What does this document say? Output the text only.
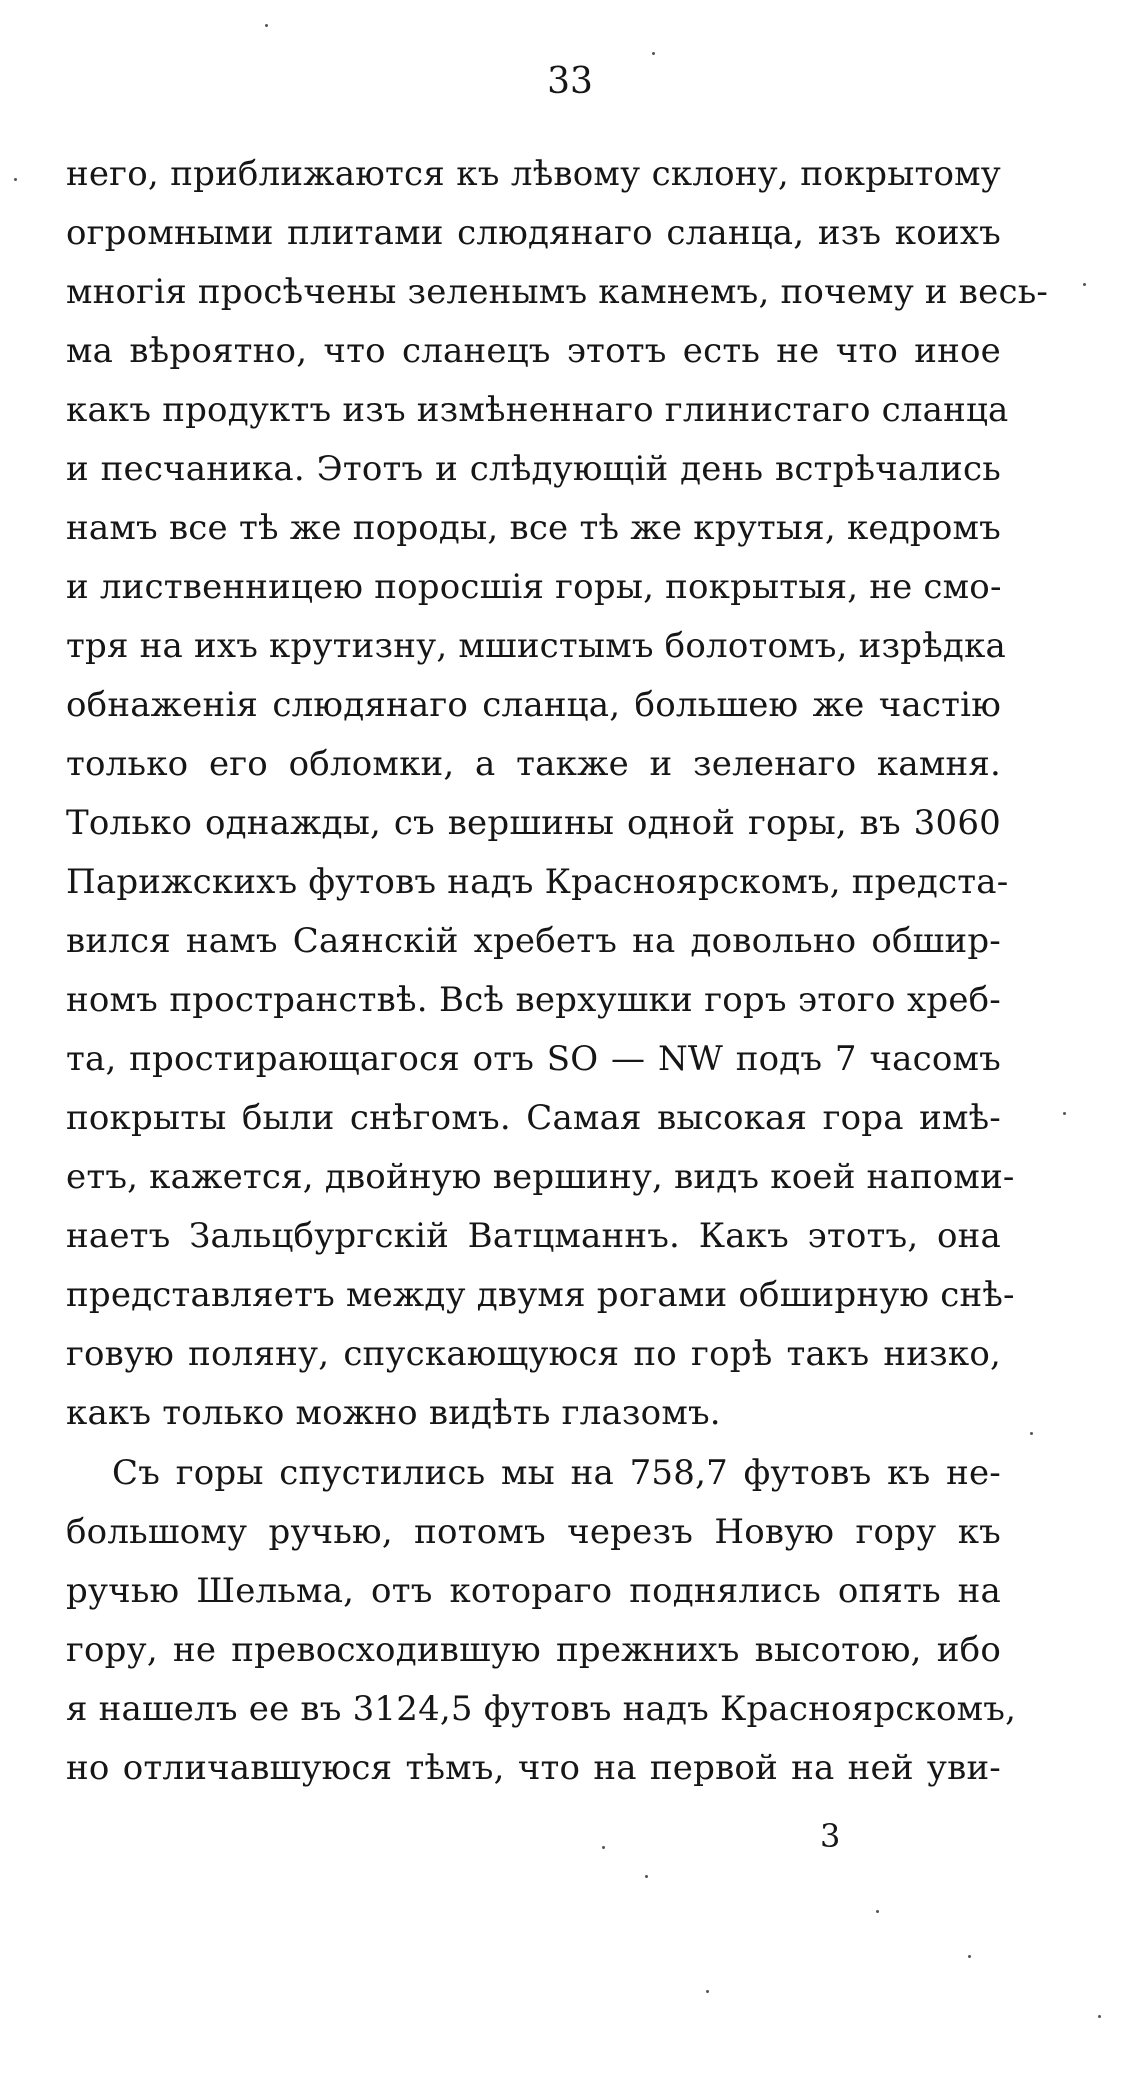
33
него, приближаются къ лѣвому склону, покрытому
огромными плитами слюдянаго сланца, изъ коихъ
многія просѣчены зеленымъ камнемъ, почему и весь-
ма вѣроятно, что сланецъ этотъ есть не что иное
какъ продуктъ изъ измѣненнаго глинистаго сланца
и песчаника. Этотъ и слѣдующій день встрѣчались
намъ все тѣ же породы, все тѣ же крутыя, кедромъ
и лиственницею поросшія горы, покрытыя, не смо-
тря на ихъ крутизну, мшистымъ болотомъ, изрѣдка
обнаженія слюдянаго сланца, большею же частію
только его обломки, а также и зеленаго камня.
Только однажды, съ вершины одной горы, въ 3060
Парижскихъ футовъ надъ Красноярскомъ, предста-
вился намъ Саянскій хребетъ на довольно обшир-
номъ пространствѣ. Всѣ верхушки горъ этого хреб-
та, простирающагося отъ SO — NW подъ 7 часомъ
покрыты были снѣгомъ. Самая высокая гора имѣ-
етъ, кажется, двойную вершину, видъ коей напоми-
наетъ Зальцбургскій Ватцманнъ. Какъ этотъ, она
представляетъ между двумя рогами обширную снѣ-
говую поляну, спускающуюся по горѣ такъ низко,
какъ только можно видѣть глазомъ.
Съ горы спустились мы на 758,7 футовъ къ не-
большому ручью, потомъ черезъ Новую гору къ
ручью Шельма, отъ котораго поднялись опять на
гору, не превосходившую прежнихъ высотою, ибо
я нашелъ ее въ 3124,5 футовъ надъ Красноярскомъ,
но отличавшуюся тѣмъ, что на первой на ней уви-
3
